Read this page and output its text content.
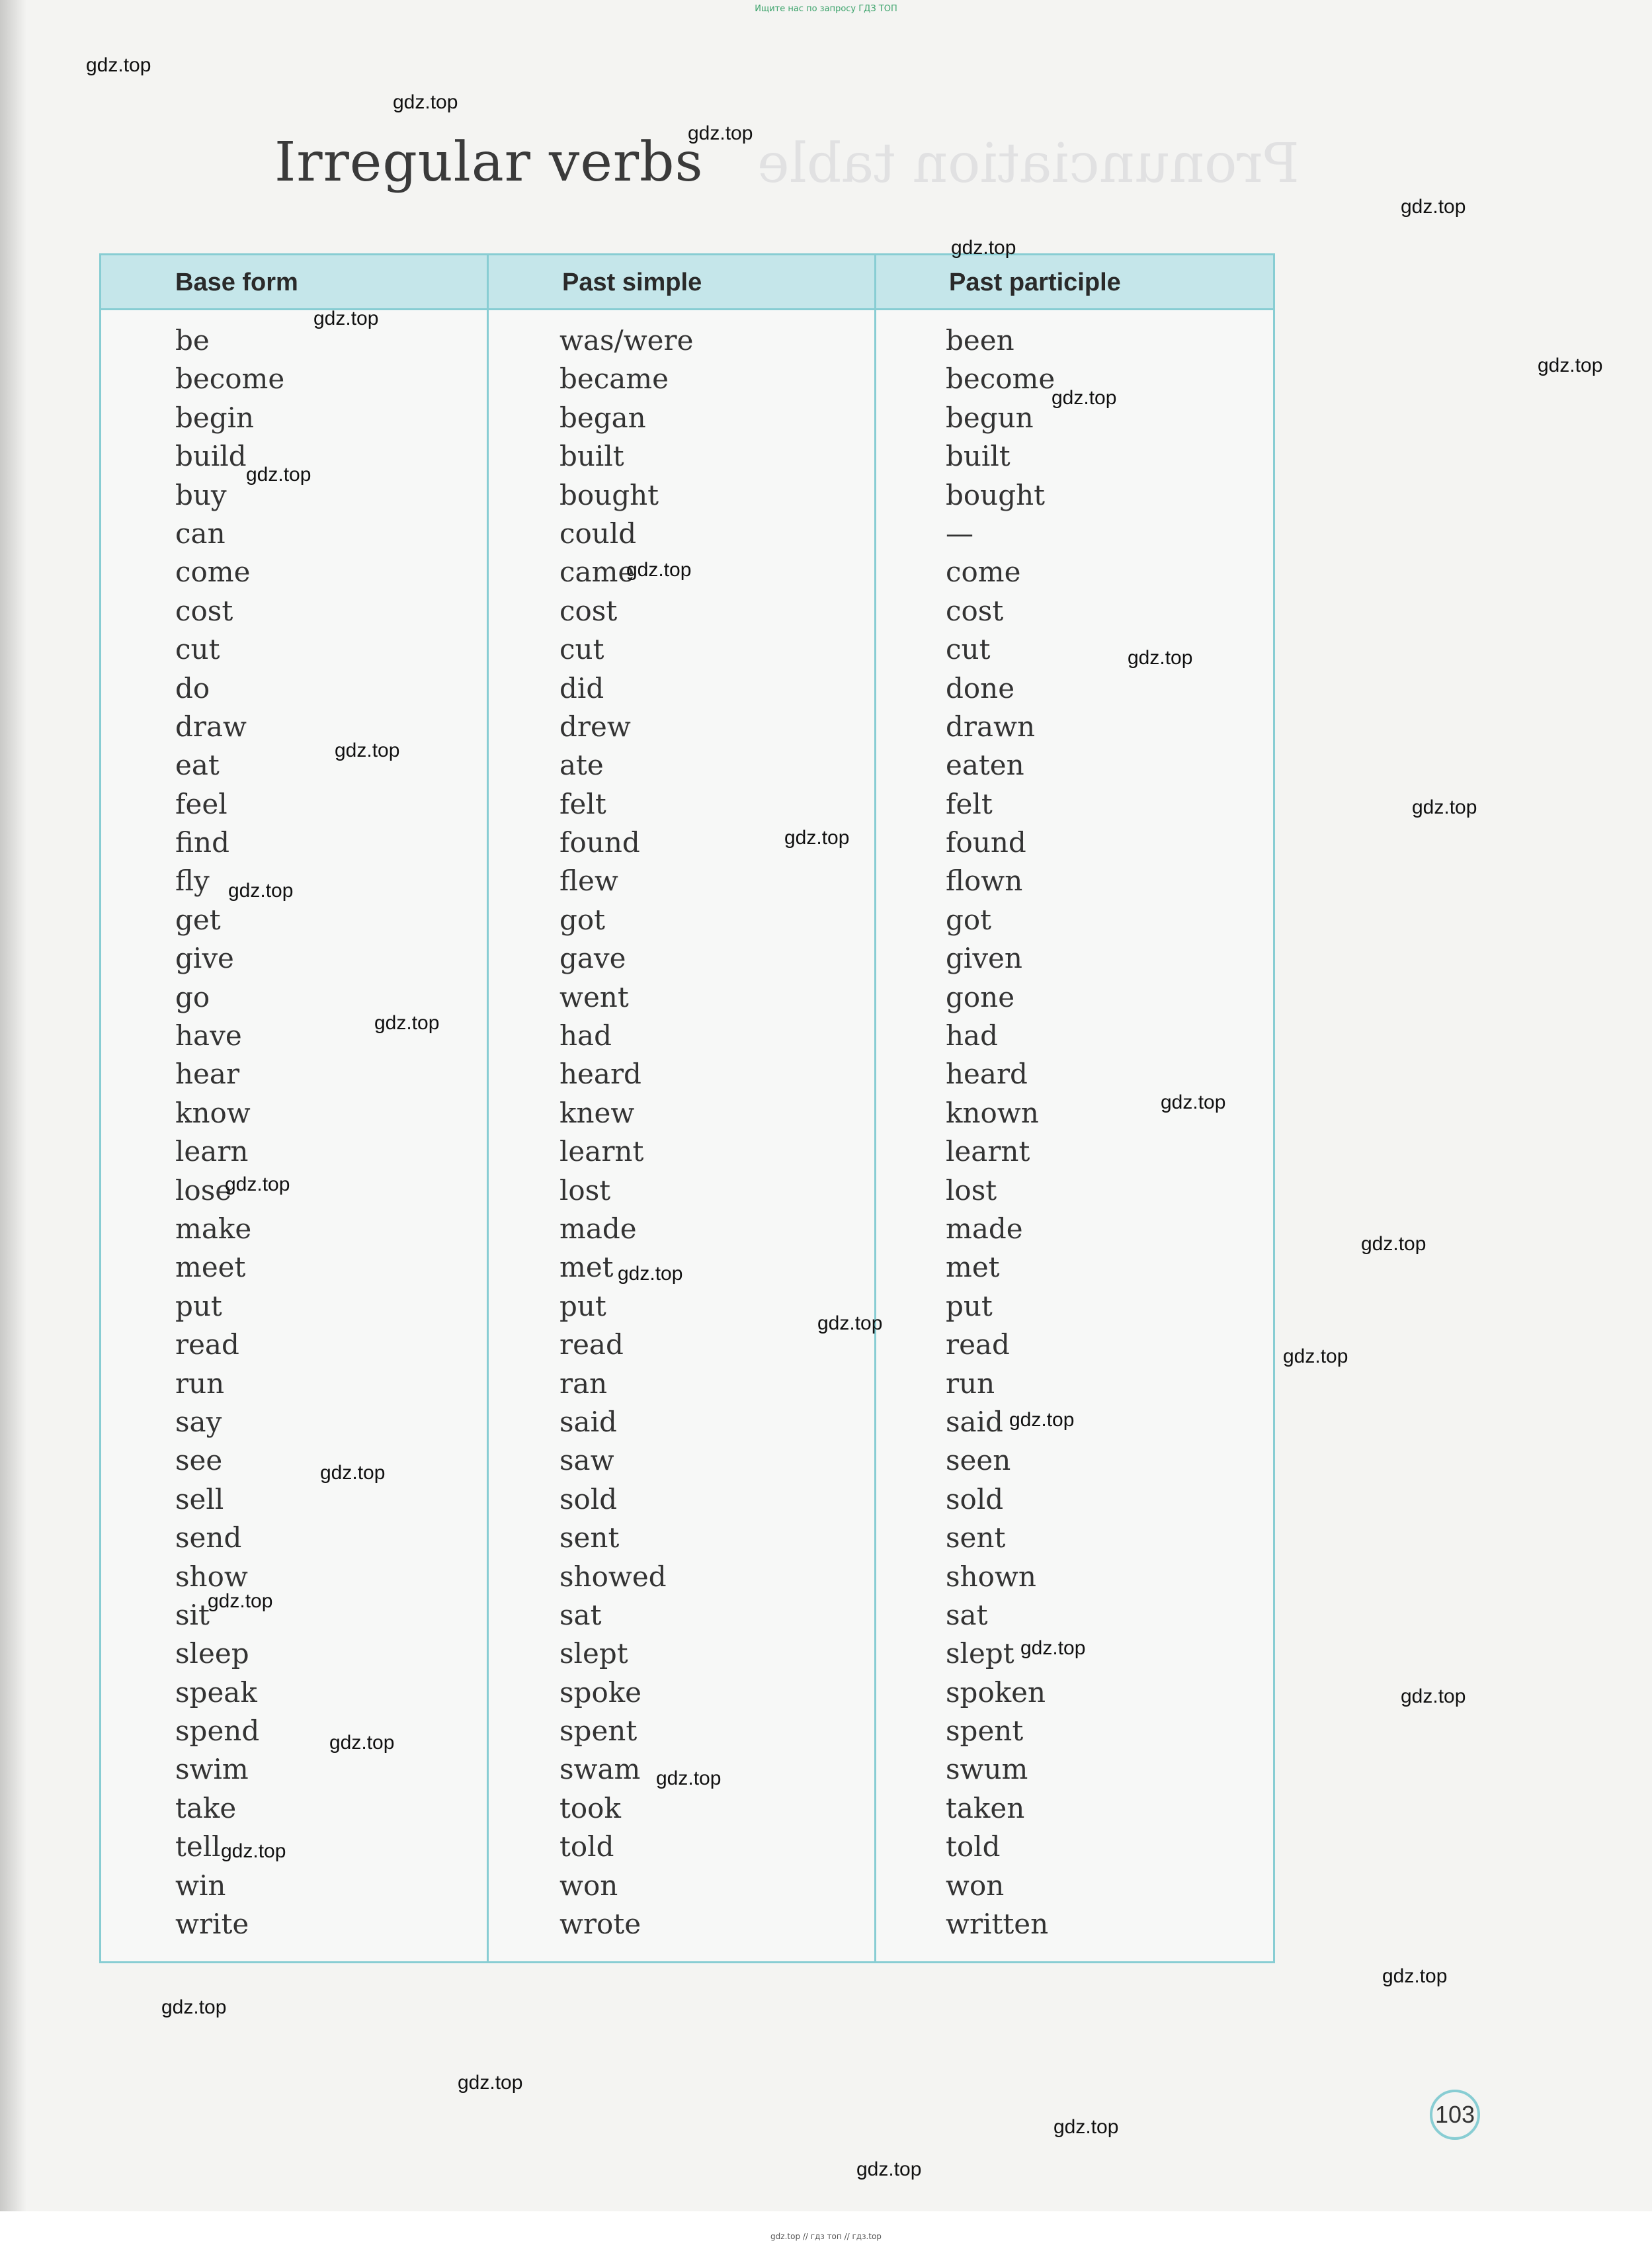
Ищите нас по запросу ГДЗ ТОП
Pronunciation table
Irregular verbs
Base form	Past simple	Past participle
be
become
begin
build
buy
can
come
cost
cut
do
draw
eat
feel
find
fly
get
give
go
have
hear
know
learn
lose
make
meet
put
read
run
say
see
sell
send
show
sit
sleep
speak
spend
swim
take
tell
win
write
was/were
became
began
built
bought
could
came
cost
cut
did
drew
ate
felt
found
flew
got
gave
went
had
heard
knew
learnt
lost
made
met
put
read
ran
said
saw
sold
sent
showed
sat
slept
spoke
spent
swam
took
told
won
wrote
been
become
begun
built
bought
—
come
cost
cut
done
drawn
eaten
felt
found
flown
got
given
gone
had
heard
known
learnt
lost
made
met
put
read
run
said
seen
sold
sent
shown
sat
slept
spoken
spent
swum
taken
told
won
written
103
gdz.top
gdz.top
gdz.top
gdz.top
gdz.top
gdz.top
gdz.top
gdz.top
gdz.top
gdz.top
gdz.top
gdz.top
gdz.top
gdz.top
gdz.top
gdz.top
gdz.top
gdz.top
gdz.top
gdz.top
gdz.top
gdz.top
gdz.top
gdz.top
gdz.top
gdz.top
gdz.top
gdz.top
gdz.top
gdz.top
gdz.top
gdz.top
gdz.top
gdz.top
gdz.top
gdz.top // гдз топ // гдз.top
